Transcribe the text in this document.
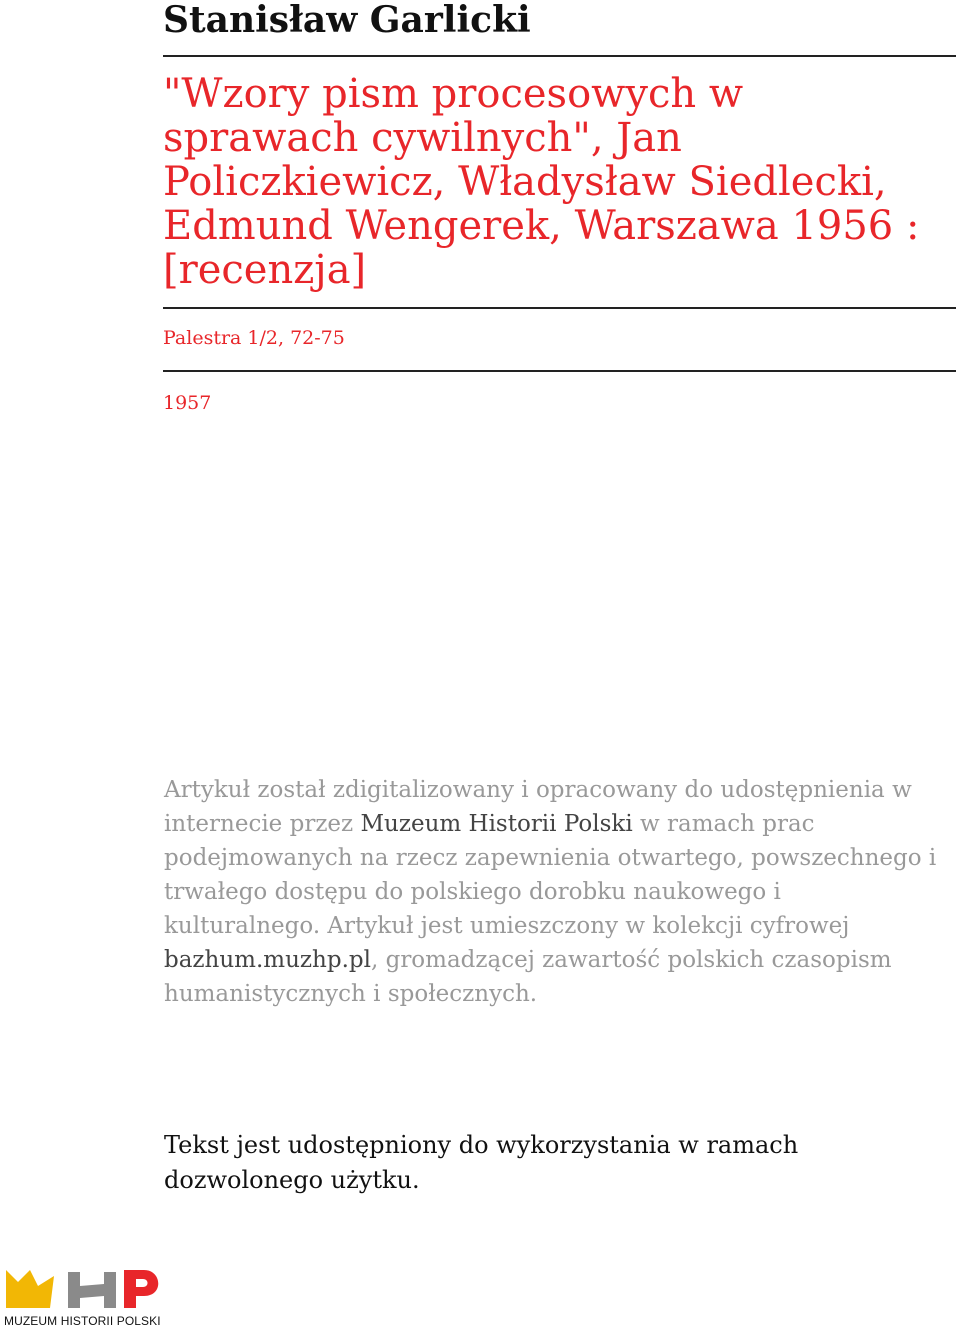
Stanisław Garlicki
"Wzory pism procesowych w sprawach cywilnych", Jan Policzkiewicz, Władysław Siedlecki, Edmund Wengerek, Warszawa 1956 : [recenzja]
Palestra 1/2, 72-75
1957

Artykuł został zdigitalizowany i opracowany do udostępnienia w internecie przez Muzeum Historii Polski w ramach prac podejmowanych na rzecz zapewnienia otwartego, powszechnego i trwałego dostępu do polskiego dorobku naukowego i kulturalnego. Artykuł jest umieszczony w kolekcji cyfrowej bazhum.muzhp.pl, gromadzącej zawartość polskich czasopism humanistycznych i społecznych.

Tekst jest udostępniony do wykorzystania w ramach dozwolonego użytku.

MUZEUM HISTORII POLSKI
